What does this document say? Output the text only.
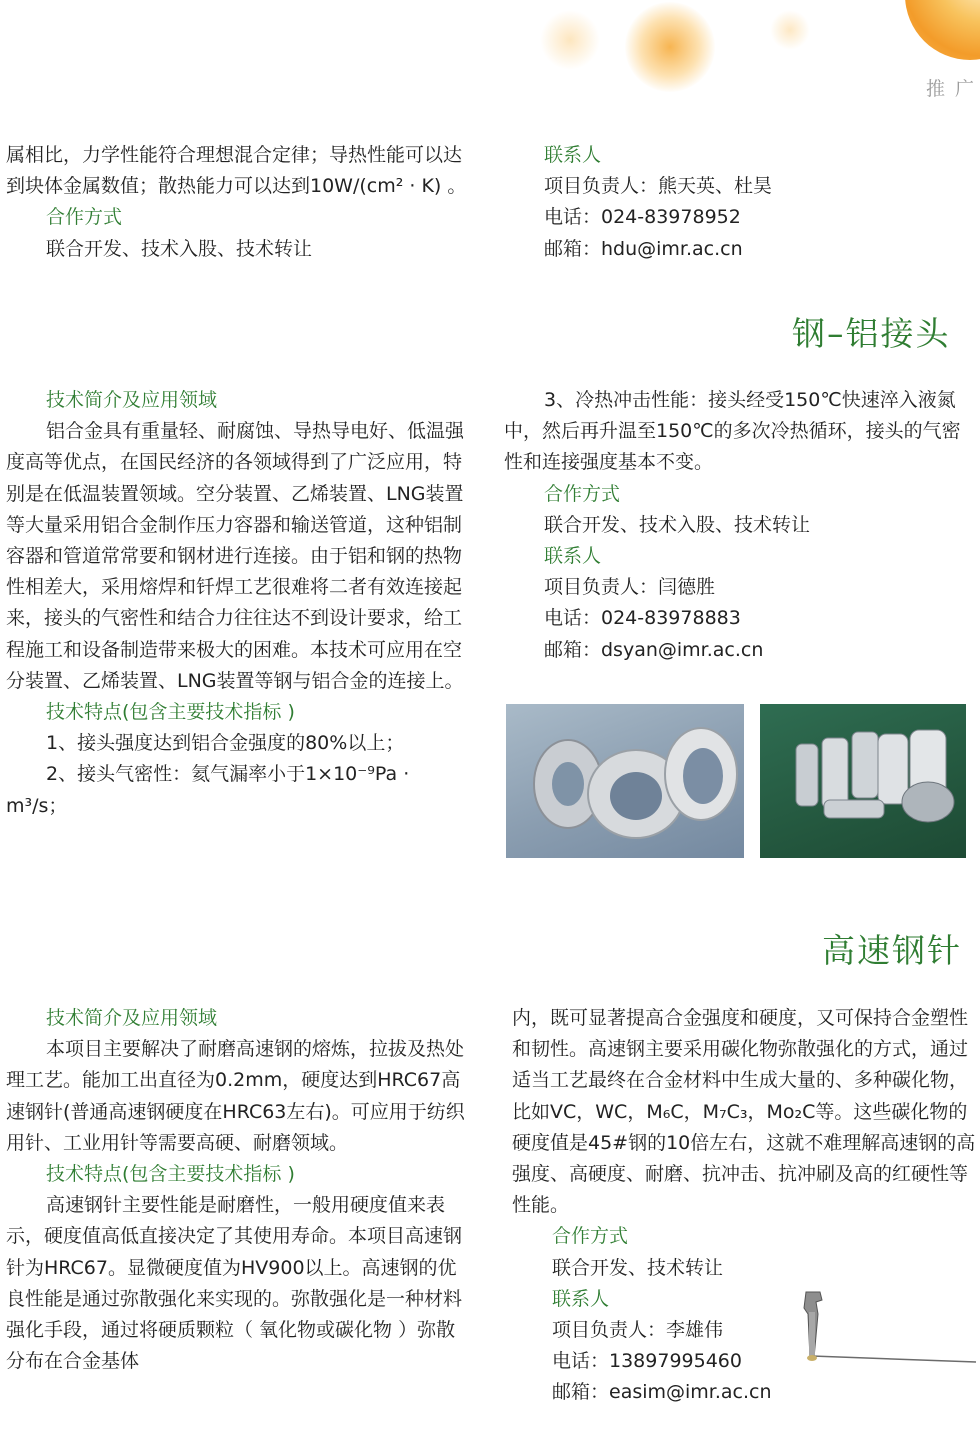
推 广

属相比，力学性能符合理想混合定律；导热性能可以达到块体金属数值；散热能力可以达到10W/(cm² · K) 。

合作方式

联合开发、技术入股、技术转让

联系人

项目负责人：熊天英、杜昊

电话：024-83978952

邮箱：hdu@imr.ac.cn

钢–铝接头

技术简介及应用领域

铝合金具有重量轻、耐腐蚀、导热导电好、低温强度高等优点，在国民经济的各领域得到了广泛应用，特别是在低温装置领域。空分装置、乙烯装置、LNG装置等大量采用铝合金制作压力容器和输送管道，这种铝制容器和管道常常要和钢材进行连接。由于铝和钢的热物性相差大，采用熔焊和钎焊工艺很难将二者有效连接起来，接头的气密性和结合力往往达不到设计要求，给工程施工和设备制造带来极大的困难。本技术可应用在空分装置、乙烯装置、LNG装置等钢与铝合金的连接上。

技术特点(包含主要技术指标 )

1、接头强度达到铝合金强度的80%以上；

2、接头气密性：氦气漏率小于1×10⁻⁹Pa · m³/s；

3、冷热冲击性能：接头经受150℃快速淬入液氮中，然后再升温至150℃的多次冷热循环，接头的气密性和连接强度基本不变。

合作方式

联合开发、技术入股、技术转让

联系人

项目负责人：闫德胜

电话：024-83978883

邮箱：dsyan@imr.ac.cn

高速钢针

技术简介及应用领域

本项目主要解决了耐磨高速钢的熔炼，拉拔及热处理工艺。能加工出直径为0.2mm，硬度达到HRC67高速钢针(普通高速钢硬度在HRC63左右)。可应用于纺织用针、工业用针等需要高硬、耐磨领域。

技术特点(包含主要技术指标 )

高速钢针主要性能是耐磨性，一般用硬度值来表示，硬度值高低直接决定了其使用寿命。本项目高速钢针为HRC67。显微硬度值为HV900以上。高速钢的优良性能是通过弥散强化来实现的。弥散强化是一种材料强化手段，通过将硬质颗粒（ 氧化物或碳化物 ）弥散分布在合金基体

内，既可显著提高合金强度和硬度，又可保持合金塑性和韧性。高速钢主要采用碳化物弥散强化的方式，通过适当工艺最终在合金材料中生成大量的、多种碳化物，比如VC，WC，M₆C，M₇C₃，Mo₂C等。这些碳化物的硬度值是45#钢的10倍左右，这就不难理解高速钢的高强度、高硬度、耐磨、抗冲击、抗冲刷及高的红硬性等性能。

合作方式

联合开发、技术转让

联系人

项目负责人：李雄伟

电话：13897995460

邮箱：easim@imr.ac.cn
